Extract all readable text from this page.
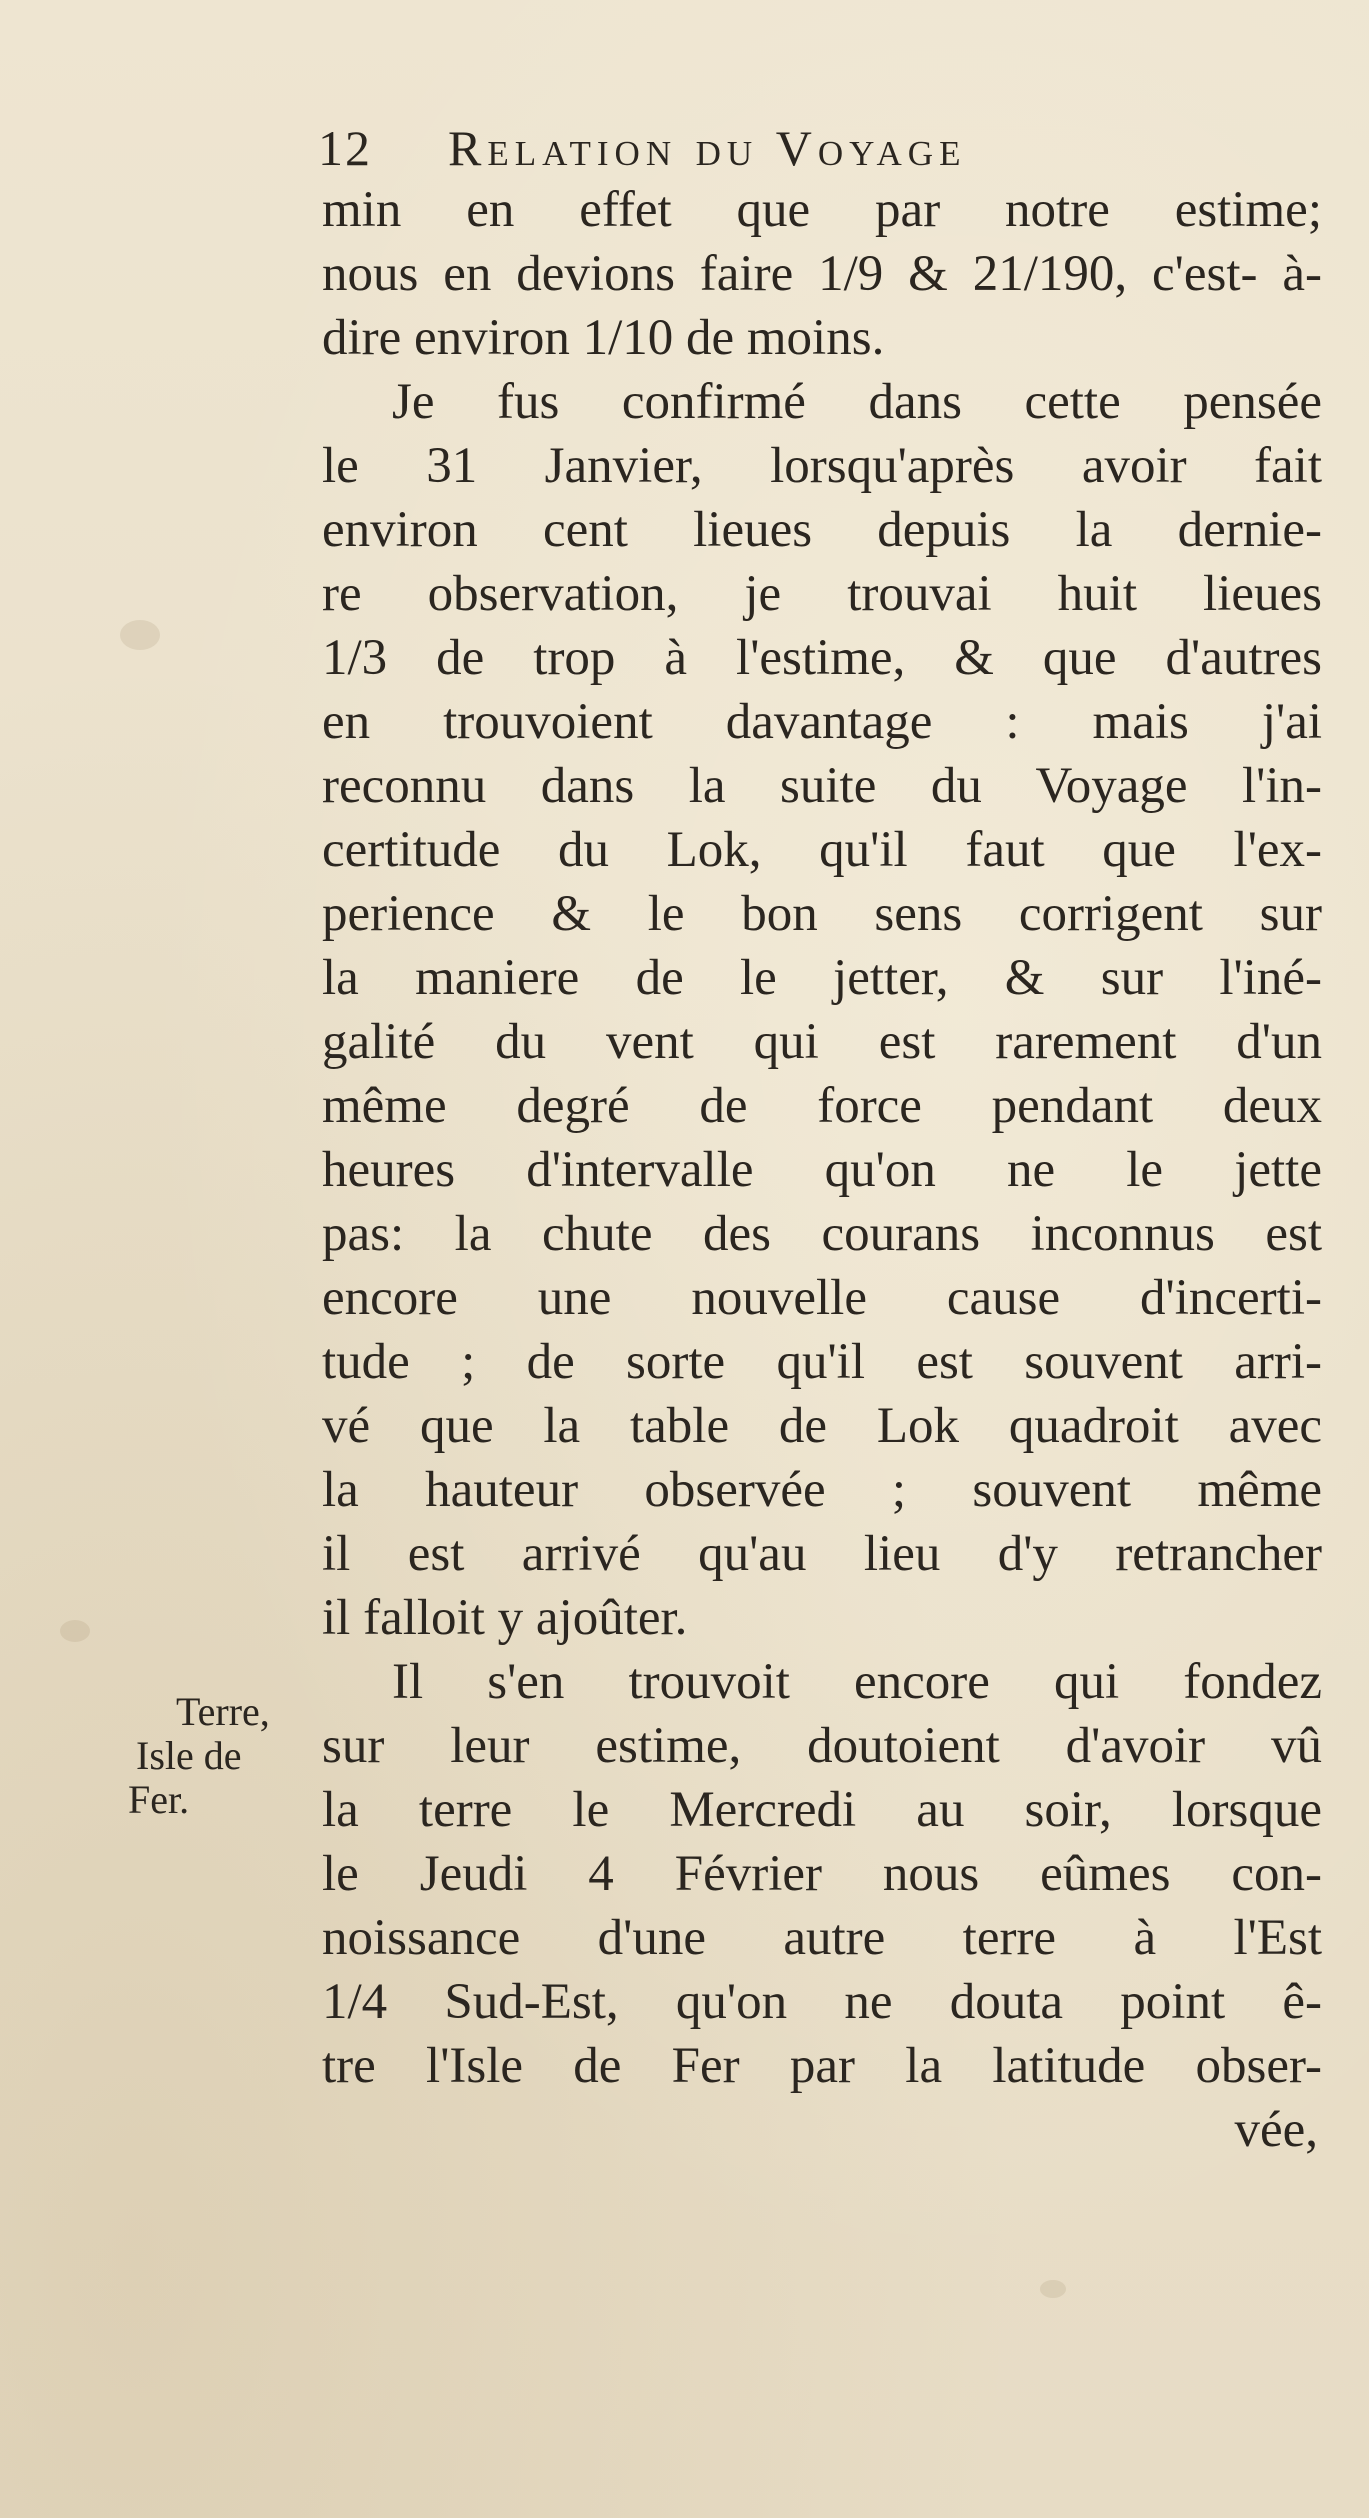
12 Relation du Voyage
Terre,
Isle de
Fer.
min en effet que par notre estime;
nous en devions faire 1/9 & 21/190, c'est- à-
dire environ 1/10 de moins.
Je fus confirmé dans cette pensée
le 31 Janvier, lorsqu'après avoir fait
environ cent lieues depuis la dernie-
re observation, je trouvai huit lieues
1/3 de trop à l'estime, & que d'autres
en trouvoient davantage : mais j'ai
reconnu dans la suite du Voyage l'in-
certitude du Lok, qu'il faut que l'ex-
perience & le bon sens corrigent sur
la maniere de le jetter, & sur l'iné-
galité du vent qui est rarement d'un
même degré de force pendant deux
heures d'intervalle qu'on ne le jette
pas: la chute des courans inconnus est
encore une nouvelle cause d'incerti-
tude ; de sorte qu'il est souvent arri-
vé que la table de Lok quadroit avec
la hauteur observée ; souvent même
il est arrivé qu'au lieu d'y retrancher
il falloit y ajoûter.
Il s'en trouvoit encore qui fondez
sur leur estime, doutoient d'avoir vû
la terre le Mercredi au soir, lorsque
le Jeudi 4 Février nous eûmes con-
noissance d'une autre terre à l'Est
1/4 Sud-Est, qu'on ne douta point ê-
tre l'Isle de Fer par la latitude obser-
vée,
